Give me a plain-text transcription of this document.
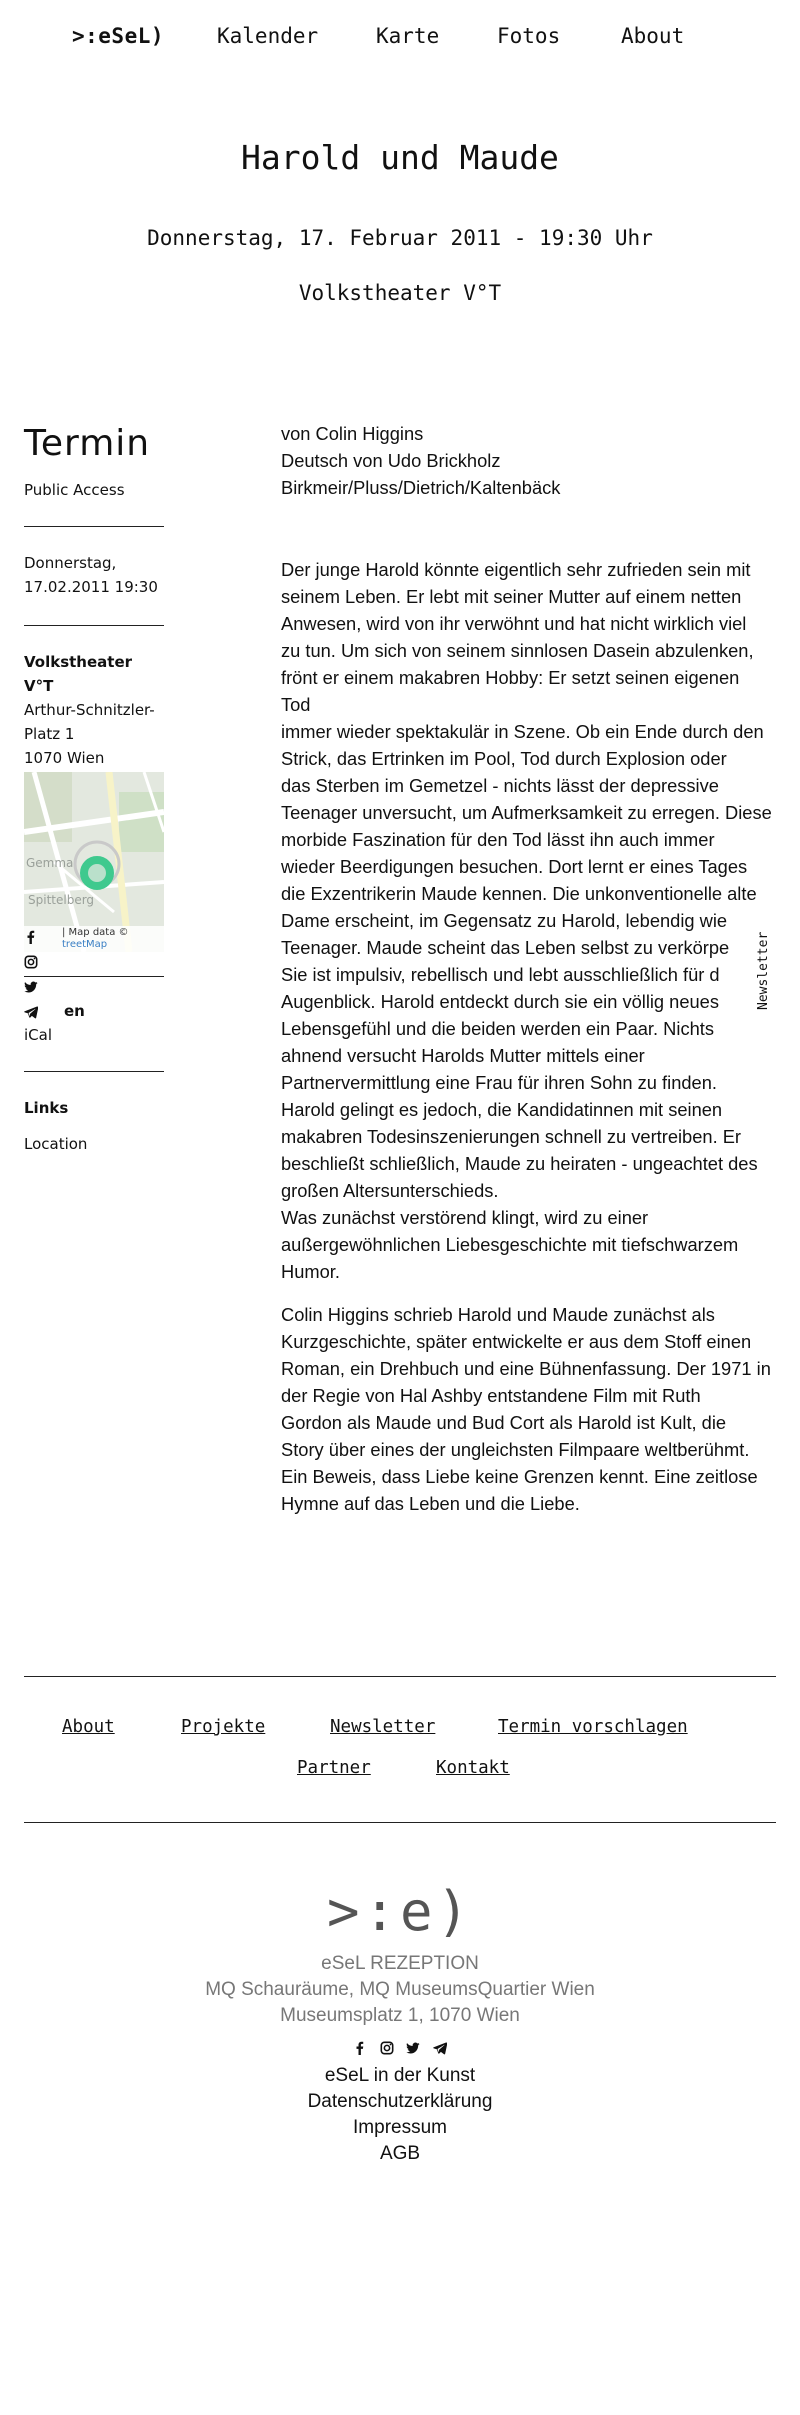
>:eSeL)	Kalender	Karte	Fotos	About
Harold und Maude
Donnerstag, 17. Februar 2011 - 19:30 Uhr
Volkstheater V°T
Termin
Public Access
Donnerstag,
17.02.2011 19:30
Volkstheater V°T
Arthur-Schnitzler-
Platz 1
1070 Wien
Gemma
Spittelberg
| Map data ©
treetMap
en
iCal
Links
Location

von Colin Higgins

Deutsch von Udo Brickholz

Birkmeir/Pluss/Dietrich/Kaltenbäck

Der junge Harold könnte eigentlich sehr zufrieden sein mit

seinem Leben. Er lebt mit seiner Mutter auf einem netten

Anwesen, wird von ihr verwöhnt und hat nicht wirklich viel

zu tun. Um sich von seinem sinnlosen Dasein abzulenken,

frönt er einem makabren Hobby: Er setzt seinen eigenen

Tod

immer wieder spektakulär in Szene. Ob ein Ende durch den

Strick, das Ertrinken im Pool, Tod durch Explosion oder

das Sterben im Gemetzel - nichts lässt der depressive

Teenager unversucht, um Aufmerksamkeit zu erregen. Diese

morbide Faszination für den Tod lässt ihn auch immer

wieder Beerdigungen besuchen. Dort lernt er eines Tages

die Exzentrikerin Maude kennen. Die unkonventionelle alte

Dame erscheint, im Gegensatz zu Harold, lebendig wie

Teenager. Maude scheint das Leben selbst zu verkörpe

Sie ist impulsiv, rebellisch und lebt ausschließlich für d

Augenblick. Harold entdeckt durch sie ein völlig neues

Lebensgefühl und die beiden werden ein Paar. Nichts

ahnend versucht Harolds Mutter mittels einer

Partnervermittlung eine Frau für ihren Sohn zu finden.

Harold gelingt es jedoch, die Kandidatinnen mit seinen

makabren Todesinszenierungen schnell zu vertreiben. Er

beschließt schließlich, Maude zu heiraten - ungeachtet des

großen Altersunterschieds.

Was zunächst verstörend klingt, wird zu einer

außergewöhnlichen Liebesgeschichte mit tiefschwarzem

Humor.

Colin Higgins schrieb Harold und Maude zunächst als

Kurzgeschichte, später entwickelte er aus dem Stoff einen

Roman, ein Drehbuch und eine Bühnenfassung. Der 1971 in

der Regie von Hal Ashby entstandene Film mit Ruth

Gordon als Maude und Bud Cort als Harold ist Kult, die

Story über eines der ungleichsten Filmpaare weltberühmt.

Ein Beweis, dass Liebe keine Grenzen kennt. Eine zeitlose

Hymne auf das Leben und die Liebe.

Newsletter
About	Projekte	Newsletter	Termin vorschlagen
Partner	Kontakt
>:e)
eSeL REZEPTION
MQ Schauräume, MQ MuseumsQuartier Wien
Museumsplatz 1, 1070 Wien

eSeL in der Kunst
Datenschutzerklärung
Impressum
AGB
